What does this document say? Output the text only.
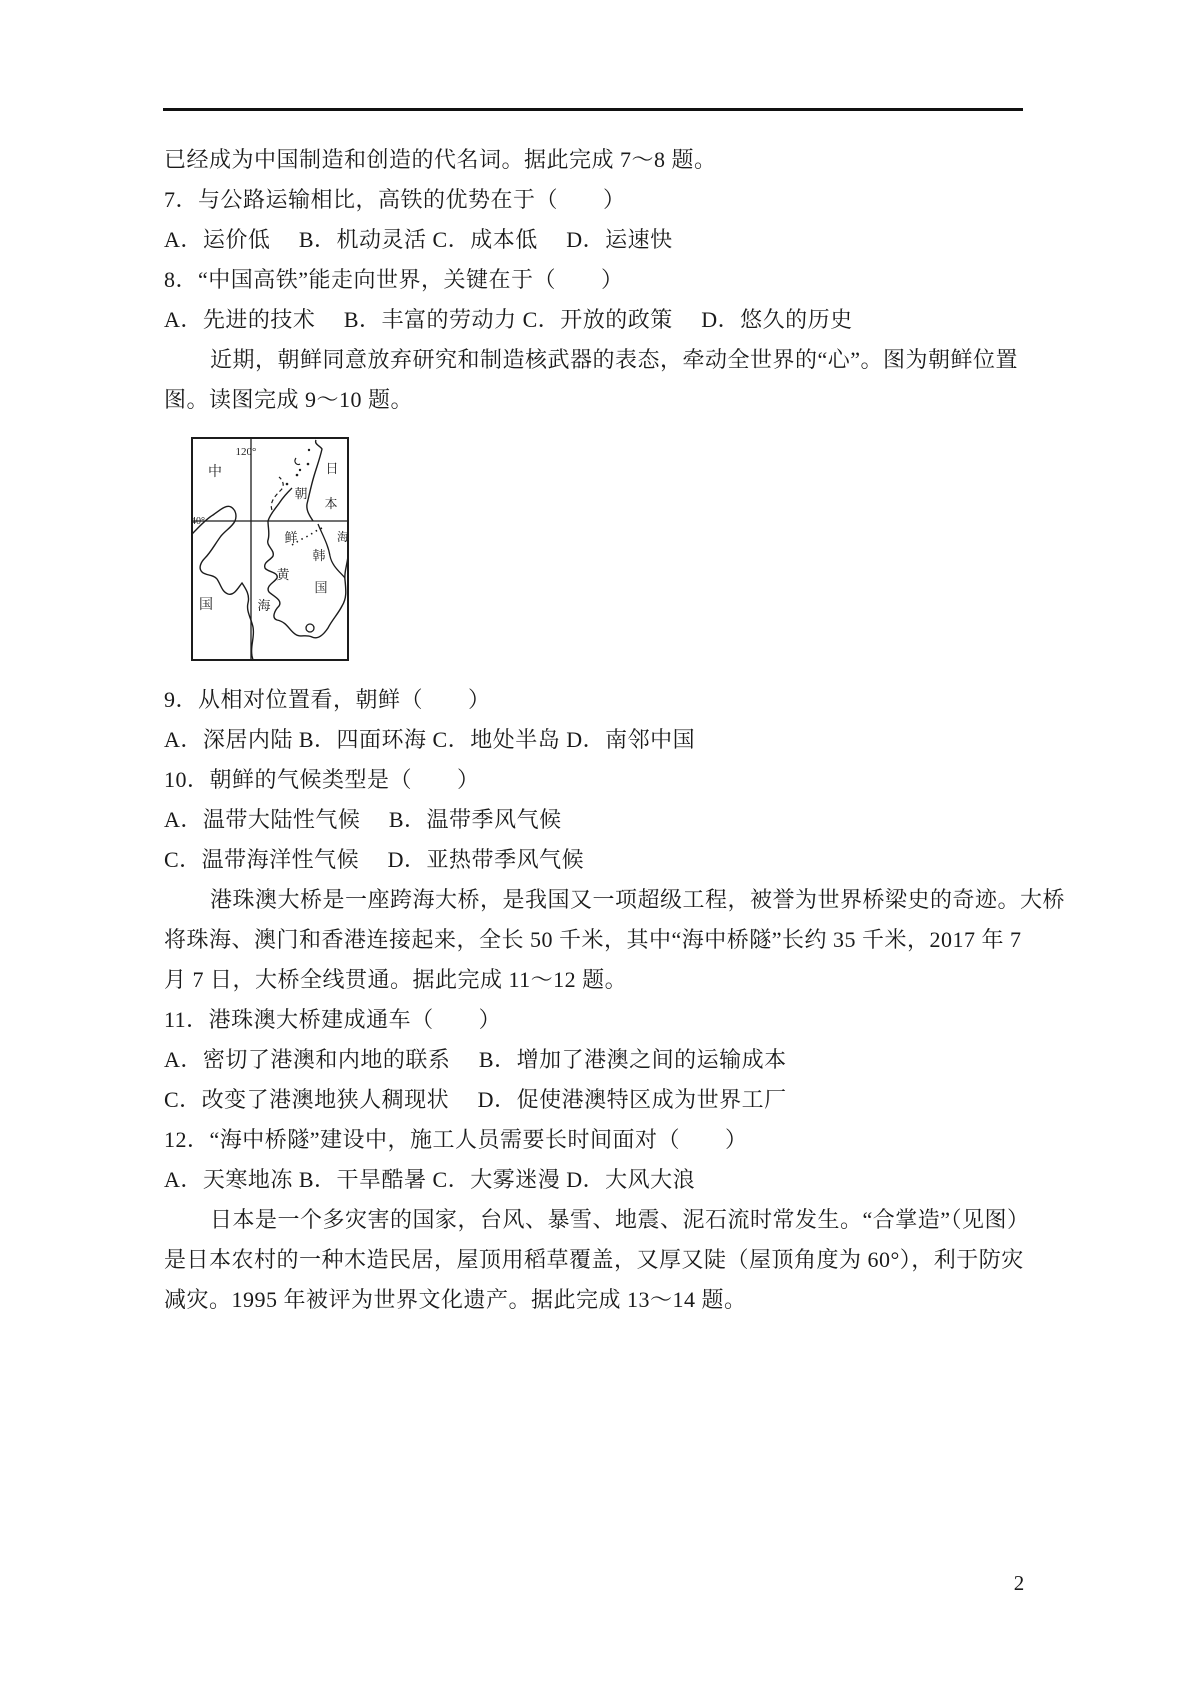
已经成为中国制造和创造的代名词。据此完成 7～8 题。
7．与公路运输相比，高铁的优势在于（　　）
A．运价低　 B．机动灵活 C．成本低　 D．运速快
8．“中国高铁”能走向世界，关键在于（　　）
A．先进的技术　 B．丰富的劳动力 C．开放的政策　 D．悠久的历史
近期，朝鲜同意放弃研究和制造核武器的表态，牵动全世界的“心”。图为朝鲜位置
图。读图完成 9～10 题。
120°
40°
中
国
朝
鲜
韩
国
黄
海
日
本
海
9．从相对位置看，朝鲜（　　）
A．深居内陆 B．四面环海 C．地处半岛 D．南邻中国
10．朝鲜的气候类型是（　　）
A．温带大陆性气候　 B．温带季风气候
C．温带海洋性气候　 D．亚热带季风气候
港珠澳大桥是一座跨海大桥，是我国又一项超级工程，被誉为世界桥梁史的奇迹。大桥
将珠海、澳门和香港连接起来，全长 50 千米，其中“海中桥隧”长约 35 千米，2017 年 7
月 7 日，大桥全线贯通。据此完成 11～12 题。
11．港珠澳大桥建成通车（　　）
A．密切了港澳和内地的联系　 B．增加了港澳之间的运输成本
C．改变了港澳地狭人稠现状　 D．促使港澳特区成为世界工厂
12．“海中桥隧”建设中，施工人员需要长时间面对（　　）
A．天寒地冻 B．干旱酷暑 C．大雾迷漫 D．大风大浪
日本是一个多灾害的国家，台风、暴雪、地震、泥石流时常发生。“合掌造”（见图）
是日本农村的一种木造民居，屋顶用稻草覆盖，又厚又陡（屋顶角度为 60°），利于防灾
减灾。1995 年被评为世界文化遗产。据此完成 13～14 题。
2
